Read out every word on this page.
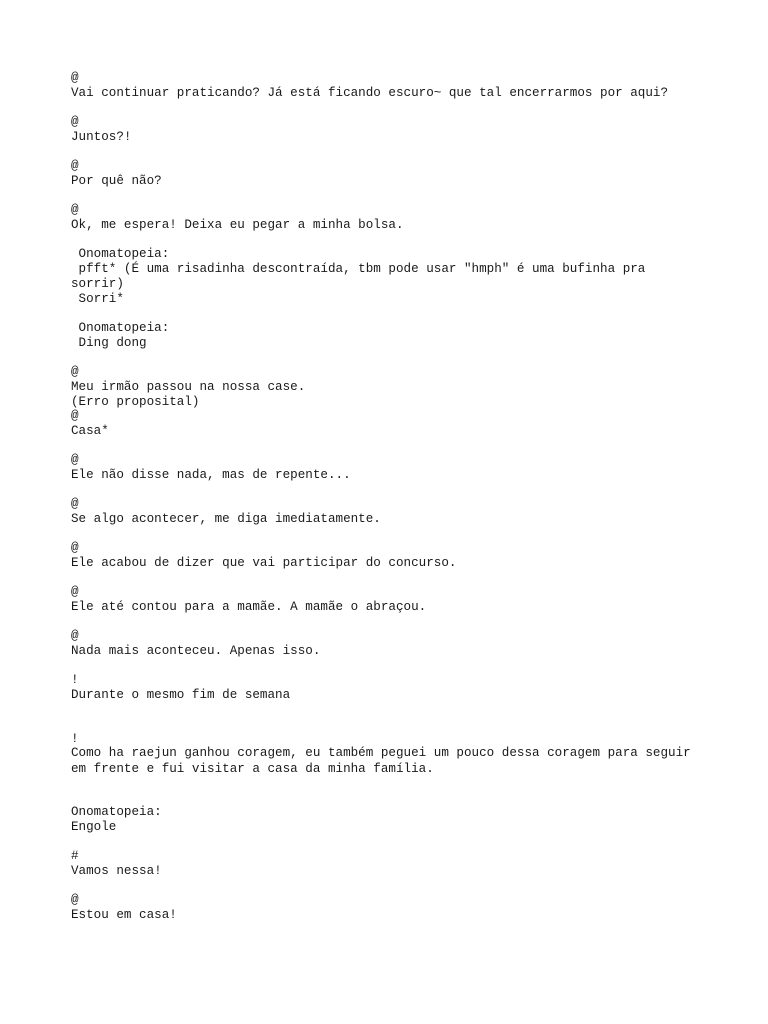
@

Vai continuar praticando? Já está ficando escuro~ que tal encerrarmos por aqui?

@

Juntos?!

@

Por quê não?

@

Ok, me espera! Deixa eu pegar a minha bolsa.

Onomatopeia:

pfft* (É uma risadinha descontraída, tbm pode usar "hmph" é uma bufinha pra

sorrir)

Sorri*

Onomatopeia:

Ding dong

@

Meu irmão passou na nossa case.

(Erro proposital)

@

Casa*

@

Ele não disse nada, mas de repente...

@

Se algo acontecer, me diga imediatamente.

@

Ele acabou de dizer que vai participar do concurso.

@

Ele até contou para a mamãe. A mamãe o abraçou.

@

Nada mais aconteceu. Apenas isso.

!

Durante o mesmo fim de semana

!

Como ha raejun ganhou coragem, eu também peguei um pouco dessa coragem para seguir

em frente e fui visitar a casa da minha família.

Onomatopeia:

Engole

#

Vamos nessa!

@

Estou em casa!
